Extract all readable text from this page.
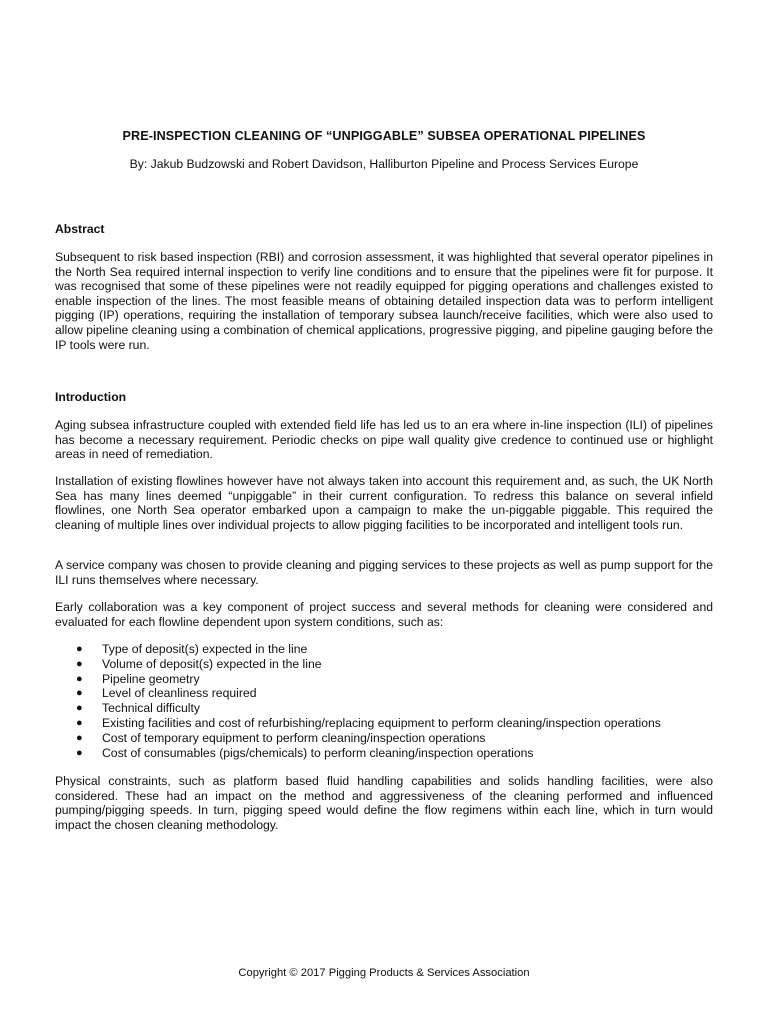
PRE-INSPECTION CLEANING OF “UNPIGGABLE” SUBSEA OPERATIONAL PIPELINES
By: Jakub Budzowski and Robert Davidson, Halliburton Pipeline and Process Services Europe
Abstract
Subsequent to risk based inspection (RBI) and corrosion assessment, it was highlighted that several operator pipelines in the North Sea required internal inspection to verify line conditions and to ensure that the pipelines were fit for purpose. It was recognised that some of these pipelines were not readily equipped for pigging operations and challenges existed to enable inspection of the lines. The most feasible means of obtaining detailed inspection data was to perform intelligent pigging (IP) operations, requiring the installation of temporary subsea launch/receive facilities, which were also used to allow pipeline cleaning using a combination of chemical applications, progressive pigging, and pipeline gauging before the IP tools were run.
Introduction
Aging subsea infrastructure coupled with extended field life has led us to an era where in-line inspection (ILI) of pipelines has become a necessary requirement. Periodic checks on pipe wall quality give credence to continued use or highlight areas in need of remediation.
Installation of existing flowlines however have not always taken into account this requirement and, as such, the UK North Sea has many lines deemed “unpiggable” in their current configuration. To redress this balance on several infield flowlines, one North Sea operator embarked upon a campaign to make the un-piggable piggable. This required the cleaning of multiple lines over individual projects to allow pigging facilities to be incorporated and intelligent tools run.
A service company was chosen to provide cleaning and pigging services to these projects as well as pump support for the ILI runs themselves where necessary.
Early collaboration was a key component of project success and several methods for cleaning were considered and evaluated for each flowline dependent upon system conditions, such as:
● Type of deposit(s) expected in the line
● Volume of deposit(s) expected in the line
● Pipeline geometry
● Level of cleanliness required
● Technical difficulty
● Existing facilities and cost of refurbishing/replacing equipment to perform cleaning/inspection operations
● Cost of temporary equipment to perform cleaning/inspection operations
● Cost of consumables (pigs/chemicals) to perform cleaning/inspection operations
Physical constraints, such as platform based fluid handling capabilities and solids handling facilities, were also considered. These had an impact on the method and aggressiveness of the cleaning performed and influenced pumping/pigging speeds. In turn, pigging speed would define the flow regimens within each line, which in turn would impact the chosen cleaning methodology.
Copyright © 2017 Pigging Products & Services Association
